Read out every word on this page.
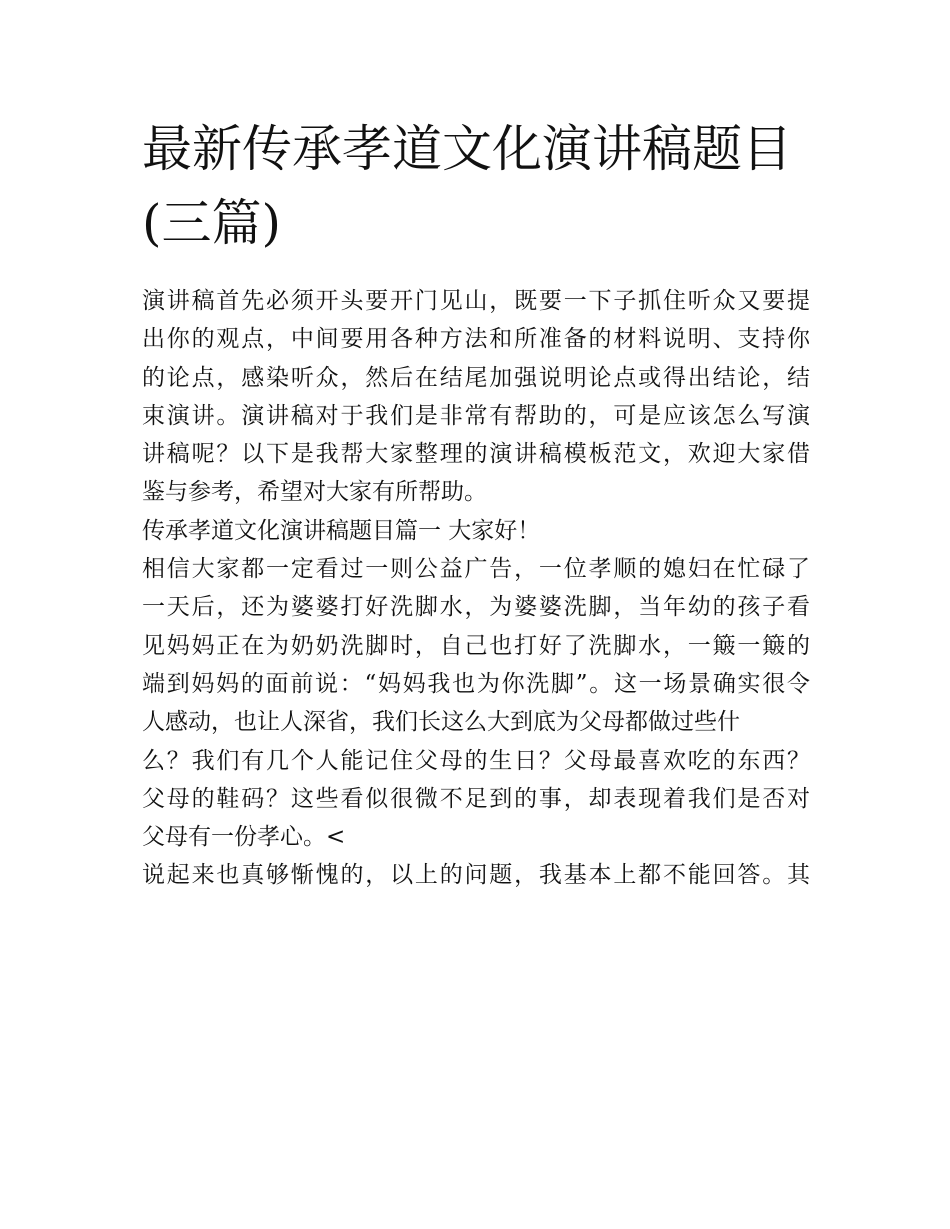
最新传承孝道文化演讲稿题目(三篇)
演讲稿首先必须开头要开门见山，既要一下子抓住听众又要提
出你的观点，中间要用各种方法和所准备的材料说明、支持你
的论点，感染听众，然后在结尾加强说明论点或得出结论，结
束演讲。演讲稿对于我们是非常有帮助的，可是应该怎么写演
讲稿呢？以下是我帮大家整理的演讲稿模板范文，欢迎大家借
鉴与参考，希望对大家有所帮助。
传承孝道文化演讲稿题目篇一 大家好！
相信大家都一定看过一则公益广告，一位孝顺的媳妇在忙碌了
一天后，还为婆婆打好洗脚水，为婆婆洗脚，当年幼的孩子看
见妈妈正在为奶奶洗脚时，自己也打好了洗脚水，一簸一簸的
端到妈妈的面前说：“妈妈我也为你洗脚”。这一场景确实很令
人感动，也让人深省，我们长这么大到底为父母都做过些什
么？我们有几个人能记住父母的生日？父母最喜欢吃的东西？
父母的鞋码？这些看似很微不足到的事，却表现着我们是否对
父母有一份孝心。<
说起来也真够惭愧的，以上的问题，我基本上都不能回答。其
